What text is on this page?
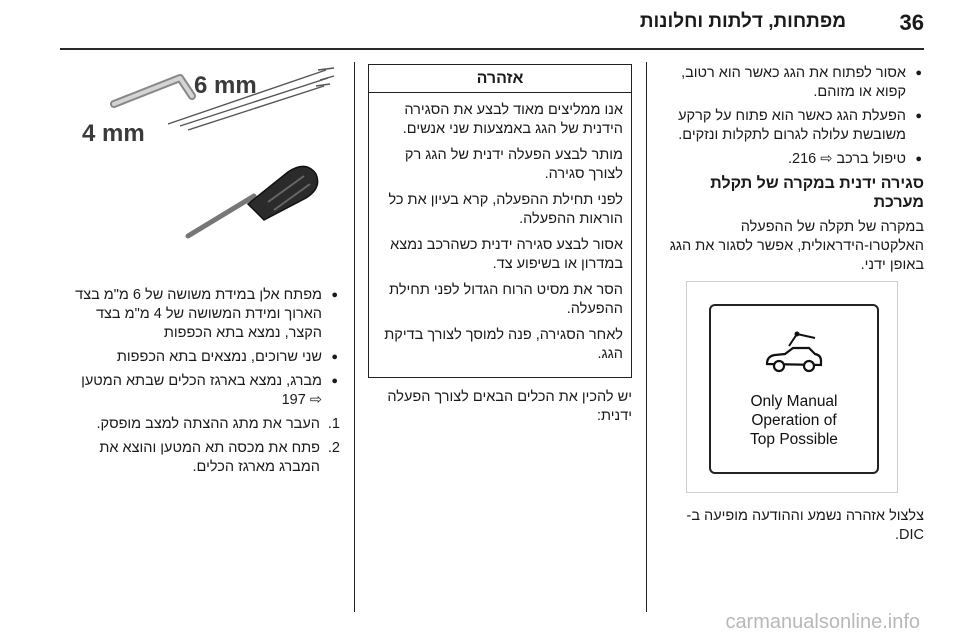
36
מפתחות, דלתות וחלונות
● אסור לפתוח את הגג כאשר הוא רטוב, קפוא או מזוהם.
● הפעלת הגג כאשר הוא פתוח על קרקע משובשת עלולה לגרום לתקלות ונזקים.
● טיפול ברכב ⇨ 216.
סגירה ידנית במקרה של תקלת מערכת

במקרה של תקלה של ההפעלה האלקטרו-הידראולית, אפשר לסגור את הגג באופן ידני.

Only Manual
Operation of
Top Possible

צלצול אזהרה נשמע וההודעה מופיעה ב-DIC.

אזהרה

אנו ממליצים מאוד לבצע את הסגירה הידנית של הגג באמצעות שני אנשים.

מותר לבצע הפעלה ידנית של הגג רק לצורך סגירה.

לפני תחילת ההפעלה, קרא בעיון את כל הוראות ההפעלה.

אסור לבצע סגירה ידנית כשהרכב נמצא במדרון או בשיפוע צד.

הסר את מסיט הרוח הגדול לפני תחילת ההפעלה.

לאחר הסגירה, פנה למוסך לצורך בדיקת הגג.

יש להכין את הכלים הבאים לצורך הפעלה ידנית:

6 mm
4 mm
● מפתח אלן במידת משושה של 6 מ"מ בצד הארוך ומידת המשושה של 4 מ"מ בצד הקצר, נמצא בתא הכפפות
● שני שרוכים, נמצאים בתא הכפפות
● מברג, נמצא בארגז הכלים שבתא המטען ⇨ 197
1.
העבר את מתג ההצתה למצב מופסק.
2.
פתח את מכסה תא המטען והוצא את המברג מארגז הכלים.
carmanualsonline.info
